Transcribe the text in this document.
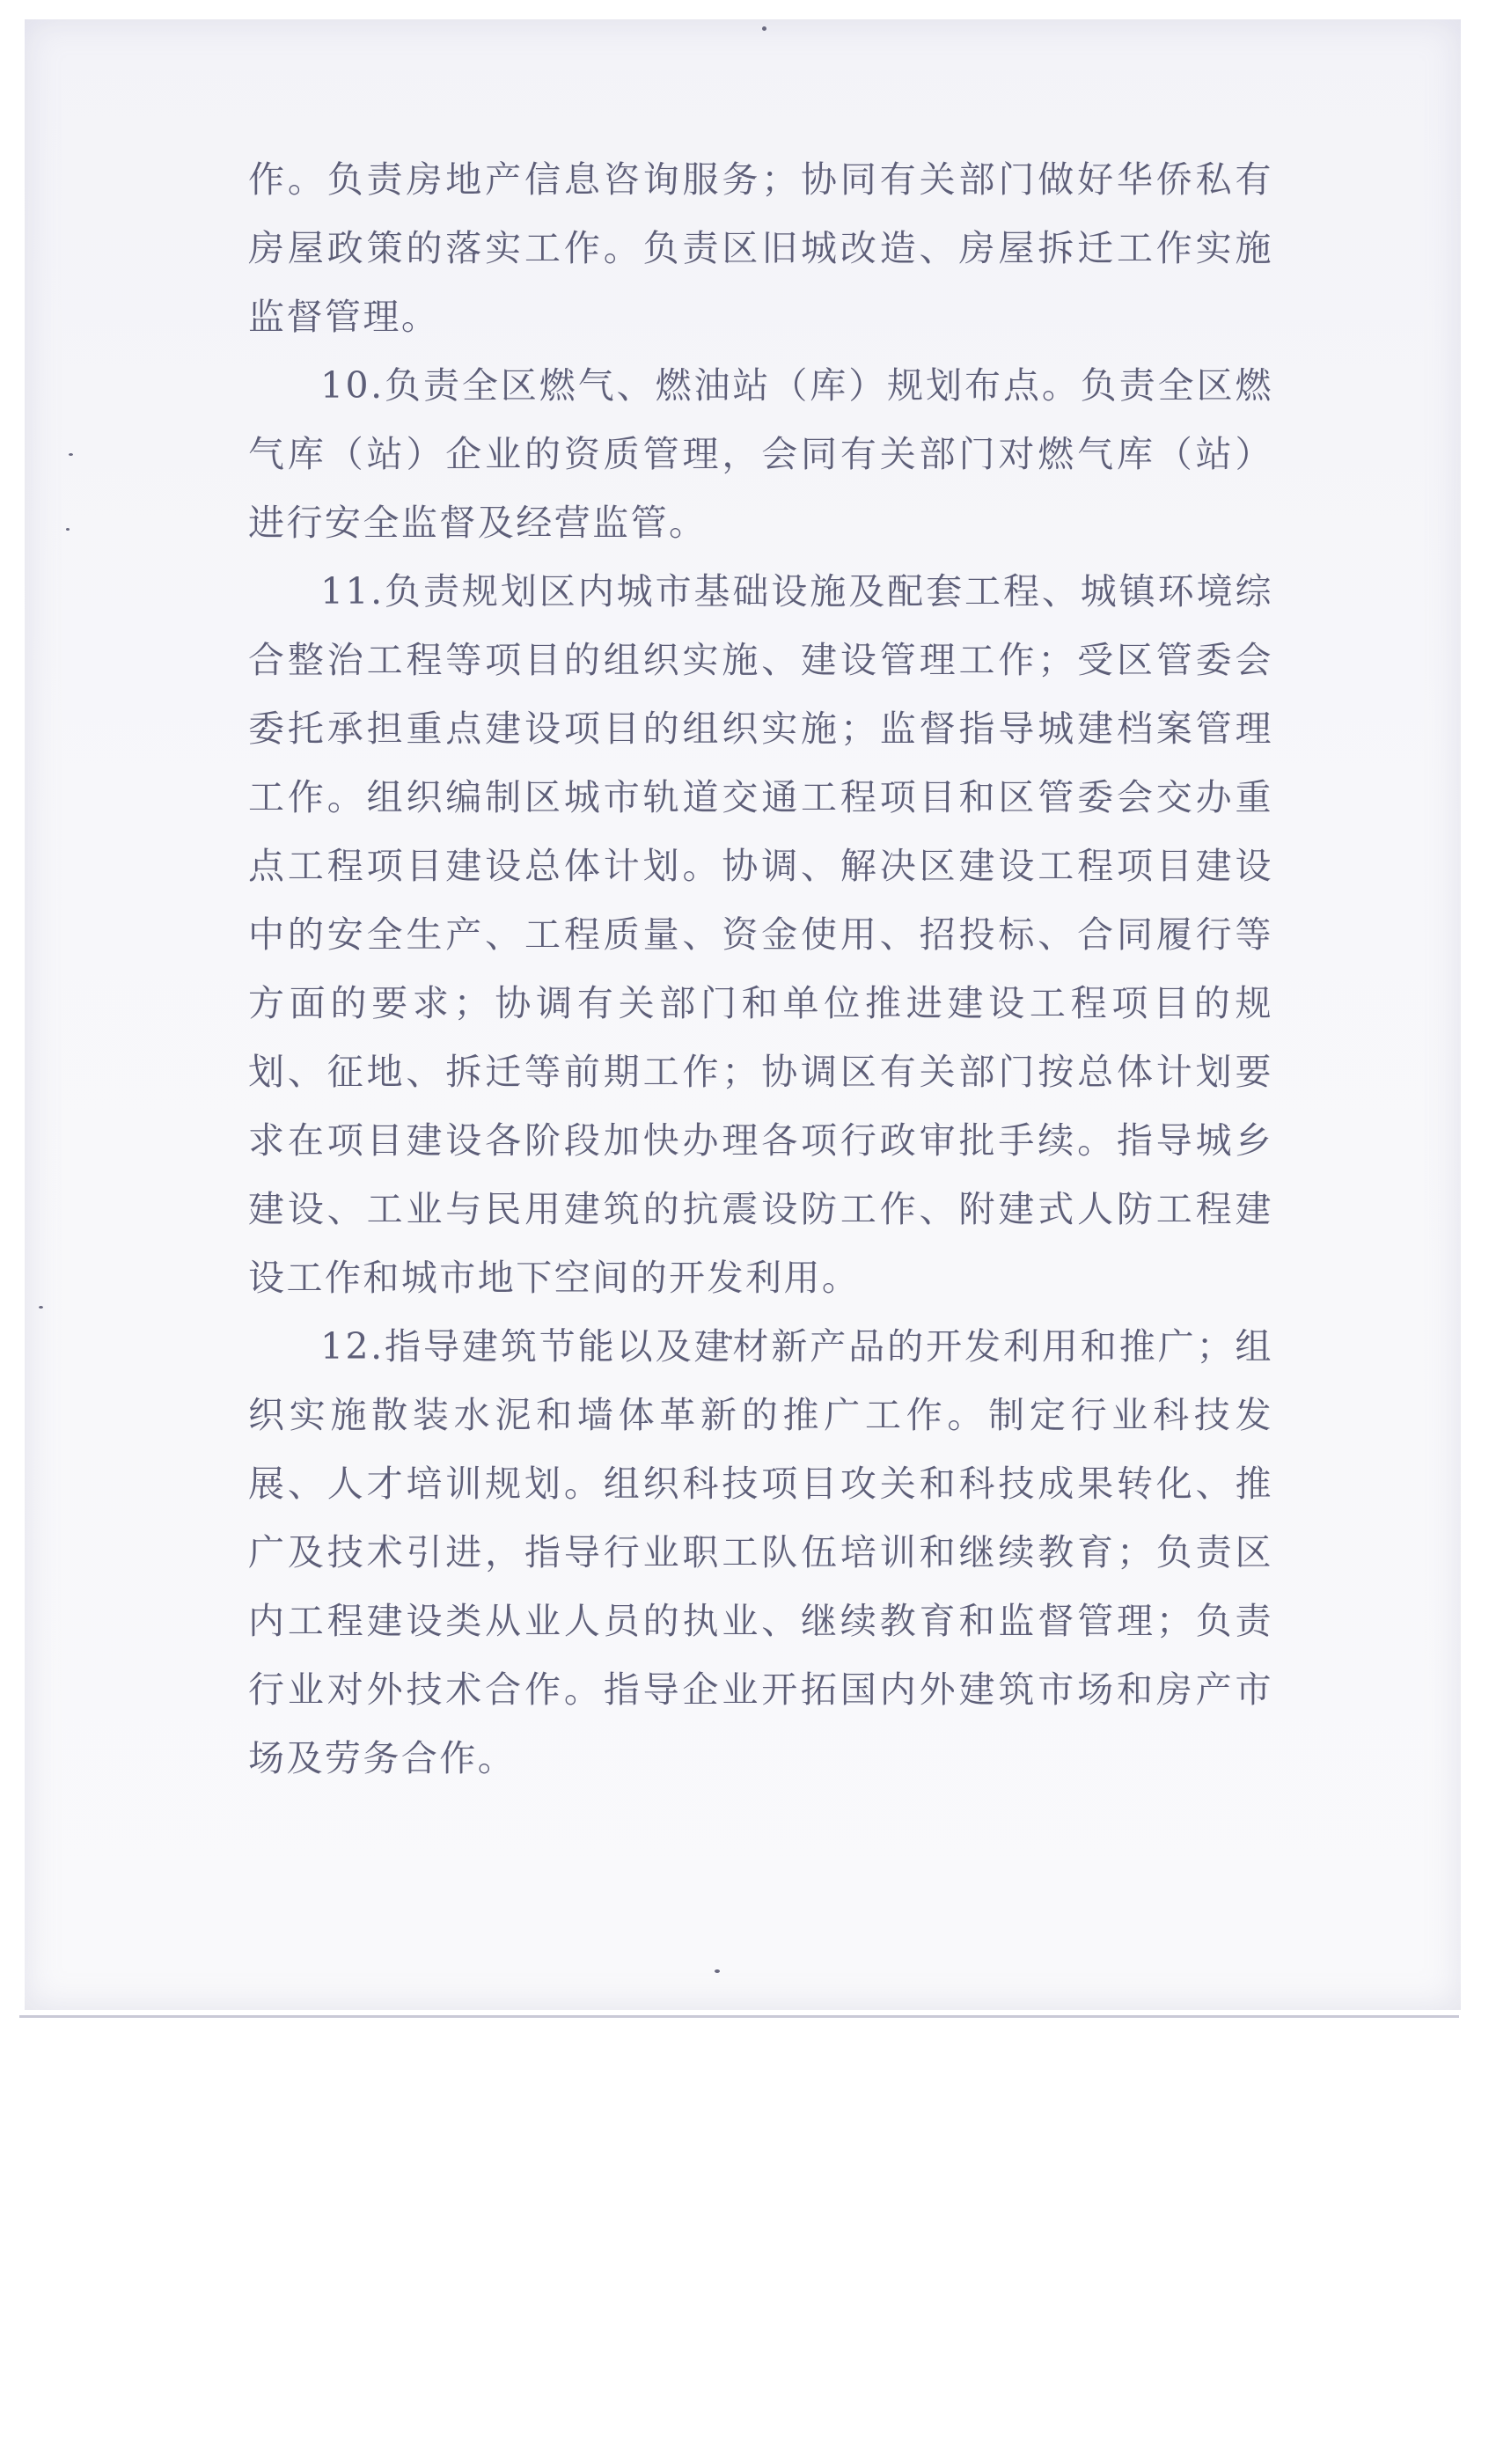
作。负责房地产信息咨询服务；协同有关部门做好华侨私有房屋政策的落实工作。负责区旧城改造、房屋拆迁工作实施监督管理。

10.负责全区燃气、燃油站（库）规划布点。负责全区燃气库（站）企业的资质管理，会同有关部门对燃气库（站）进行安全监督及经营监管。

11.负责规划区内城市基础设施及配套工程、城镇环境综合整治工程等项目的组织实施、建设管理工作；受区管委会委托承担重点建设项目的组织实施；监督指导城建档案管理工作。组织编制区城市轨道交通工程项目和区管委会交办重点工程项目建设总体计划。协调、解决区建设工程项目建设中的安全生产、工程质量、资金使用、招投标、合同履行等方面的要求；协调有关部门和单位推进建设工程项目的规划、征地、拆迁等前期工作；协调区有关部门按总体计划要求在项目建设各阶段加快办理各项行政审批手续。指导城乡建设、工业与民用建筑的抗震设防工作、附建式人防工程建设工作和城市地下空间的开发利用。

12.指导建筑节能以及建材新产品的开发利用和推广；组织实施散装水泥和墙体革新的推广工作。制定行业科技发展、人才培训规划。组织科技项目攻关和科技成果转化、推广及技术引进，指导行业职工队伍培训和继续教育；负责区内工程建设类从业人员的执业、继续教育和监督管理；负责行业对外技术合作。指导企业开拓国内外建筑市场和房产市场及劳务合作。
